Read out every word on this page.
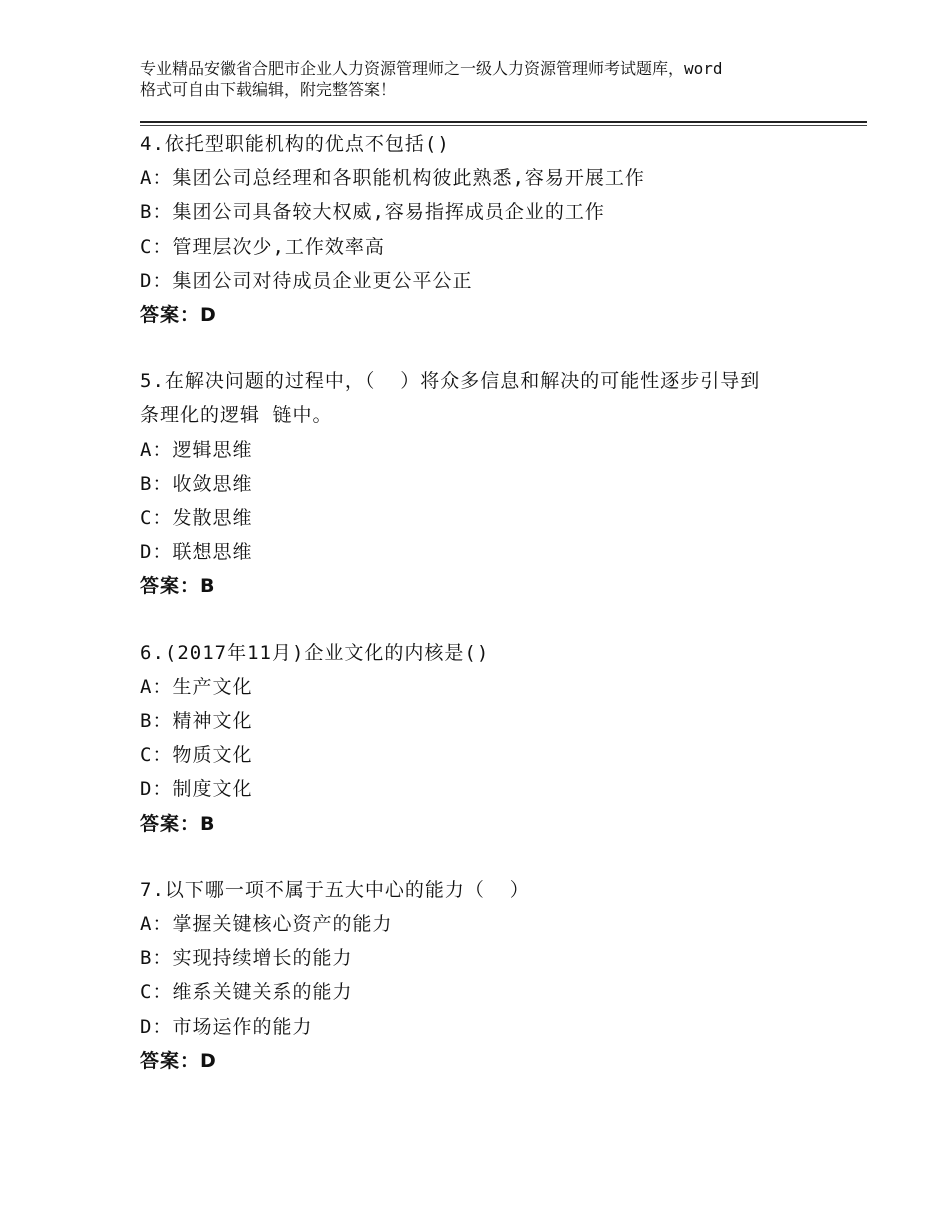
专业精品安徽省合肥市企业人力资源管理师之一级人力资源管理师考试题库，word
格式可自由下载编辑，附完整答案！
4.依托型职能机构的优点不包括()
A：集团公司总经理和各职能机构彼此熟悉,容易开展工作
B：集团公司具备较大权威,容易指挥成员企业的工作
C：管理层次少,工作效率高
D：集团公司对待成员企业更公平公正
答案：D
5.在解决问题的过程中，（  ）将众多信息和解决的可能性逐步引导到
条理化的逻辑 链中。
A：逻辑思维
B：收敛思维
C：发散思维
D：联想思维
答案：B
6.(2017年11月)企业文化的内核是()
A：生产文化
B：精神文化
C：物质文化
D：制度文化
答案：B
7.以下哪一项不属于五大中心的能力（  ）
A：掌握关键核心资产的能力
B：实现持续增长的能力
C：维系关键关系的能力
D：市场运作的能力
答案：D
